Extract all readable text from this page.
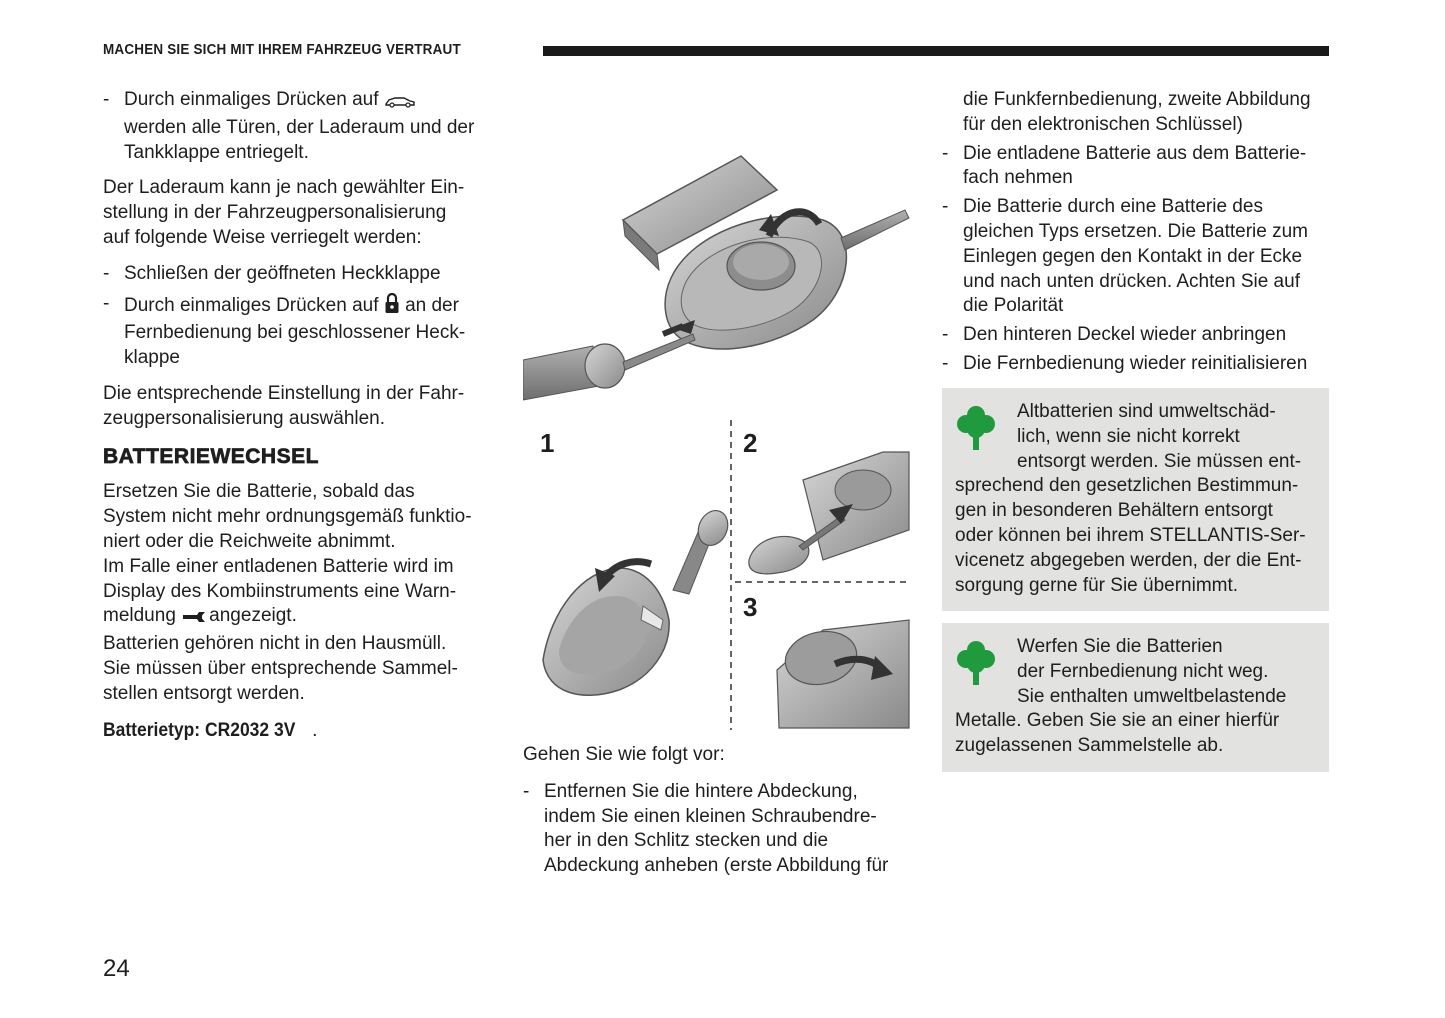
MACHEN SIE SICH MIT IHREM FAHRZEUG VERTRAUT
- Durch einmaliges Drücken auf
werden alle Türen, der Laderaum und der
Tankklappe entriegelt.

Der Laderaum kann je nach gewählter Ein-
stellung in der Fahrzeugpersonalisierung
auf folgende Weise verriegelt werden:

- Schließen der geöffneten Heckklappe
- Durch einmaliges Drücken auf an der
Fernbedienung bei geschlossener Heck-
klappe

Die entsprechende Einstellung in der Fahr-
zeugpersonalisierung auswählen.

BATTERIEWECHSEL

Ersetzen Sie die Batterie, sobald das
System nicht mehr ordnungsgemäß funktio-
niert oder die Reichweite abnimmt.
Im Falle einer entladenen Batterie wird im
Display des Kombiinstruments eine Warn-
meldung angezeigt.
Batterien gehören nicht in den Hausmüll.
Sie müssen über entsprechende Sammel-
stellen entsorgt werden.

Batterietyp: CR2032 3V .

1	2
3

Gehen Sie wie folgt vor:

- Entfernen Sie die hintere Abdeckung,
indem Sie einen kleinen Schraubendre-
her in den Schlitz stecken und die
Abdeckung anheben (erste Abbildung für
die Funkfernbedienung, zweite Abbildung
für den elektronischen Schlüssel)
- Die entladene Batterie aus dem Batterie-
fach nehmen
- Die Batterie durch eine Batterie des
gleichen Typs ersetzen. Die Batterie zum
Einlegen gegen den Kontakt in der Ecke
und nach unten drücken. Achten Sie auf
die Polarität
- Den hinteren Deckel wieder anbringen
- Die Fernbedienung wieder reinitialisieren
Altbatterien sind umweltschäd-
lich, wenn sie nicht korrekt
entsorgt werden. Sie müssen ent-
sprechend den gesetzlichen Bestimmun-
gen in besonderen Behältern entsorgt
oder können bei ihrem STELLANTIS-Ser-
vicenetz abgegeben werden, der die Ent-
sorgung gerne für Sie übernimmt.
Werfen Sie die Batterien
der Fernbedienung nicht weg.
Sie enthalten umweltbelastende
Metalle. Geben Sie sie an einer hierfür
zugelassenen Sammelstelle ab.
24
